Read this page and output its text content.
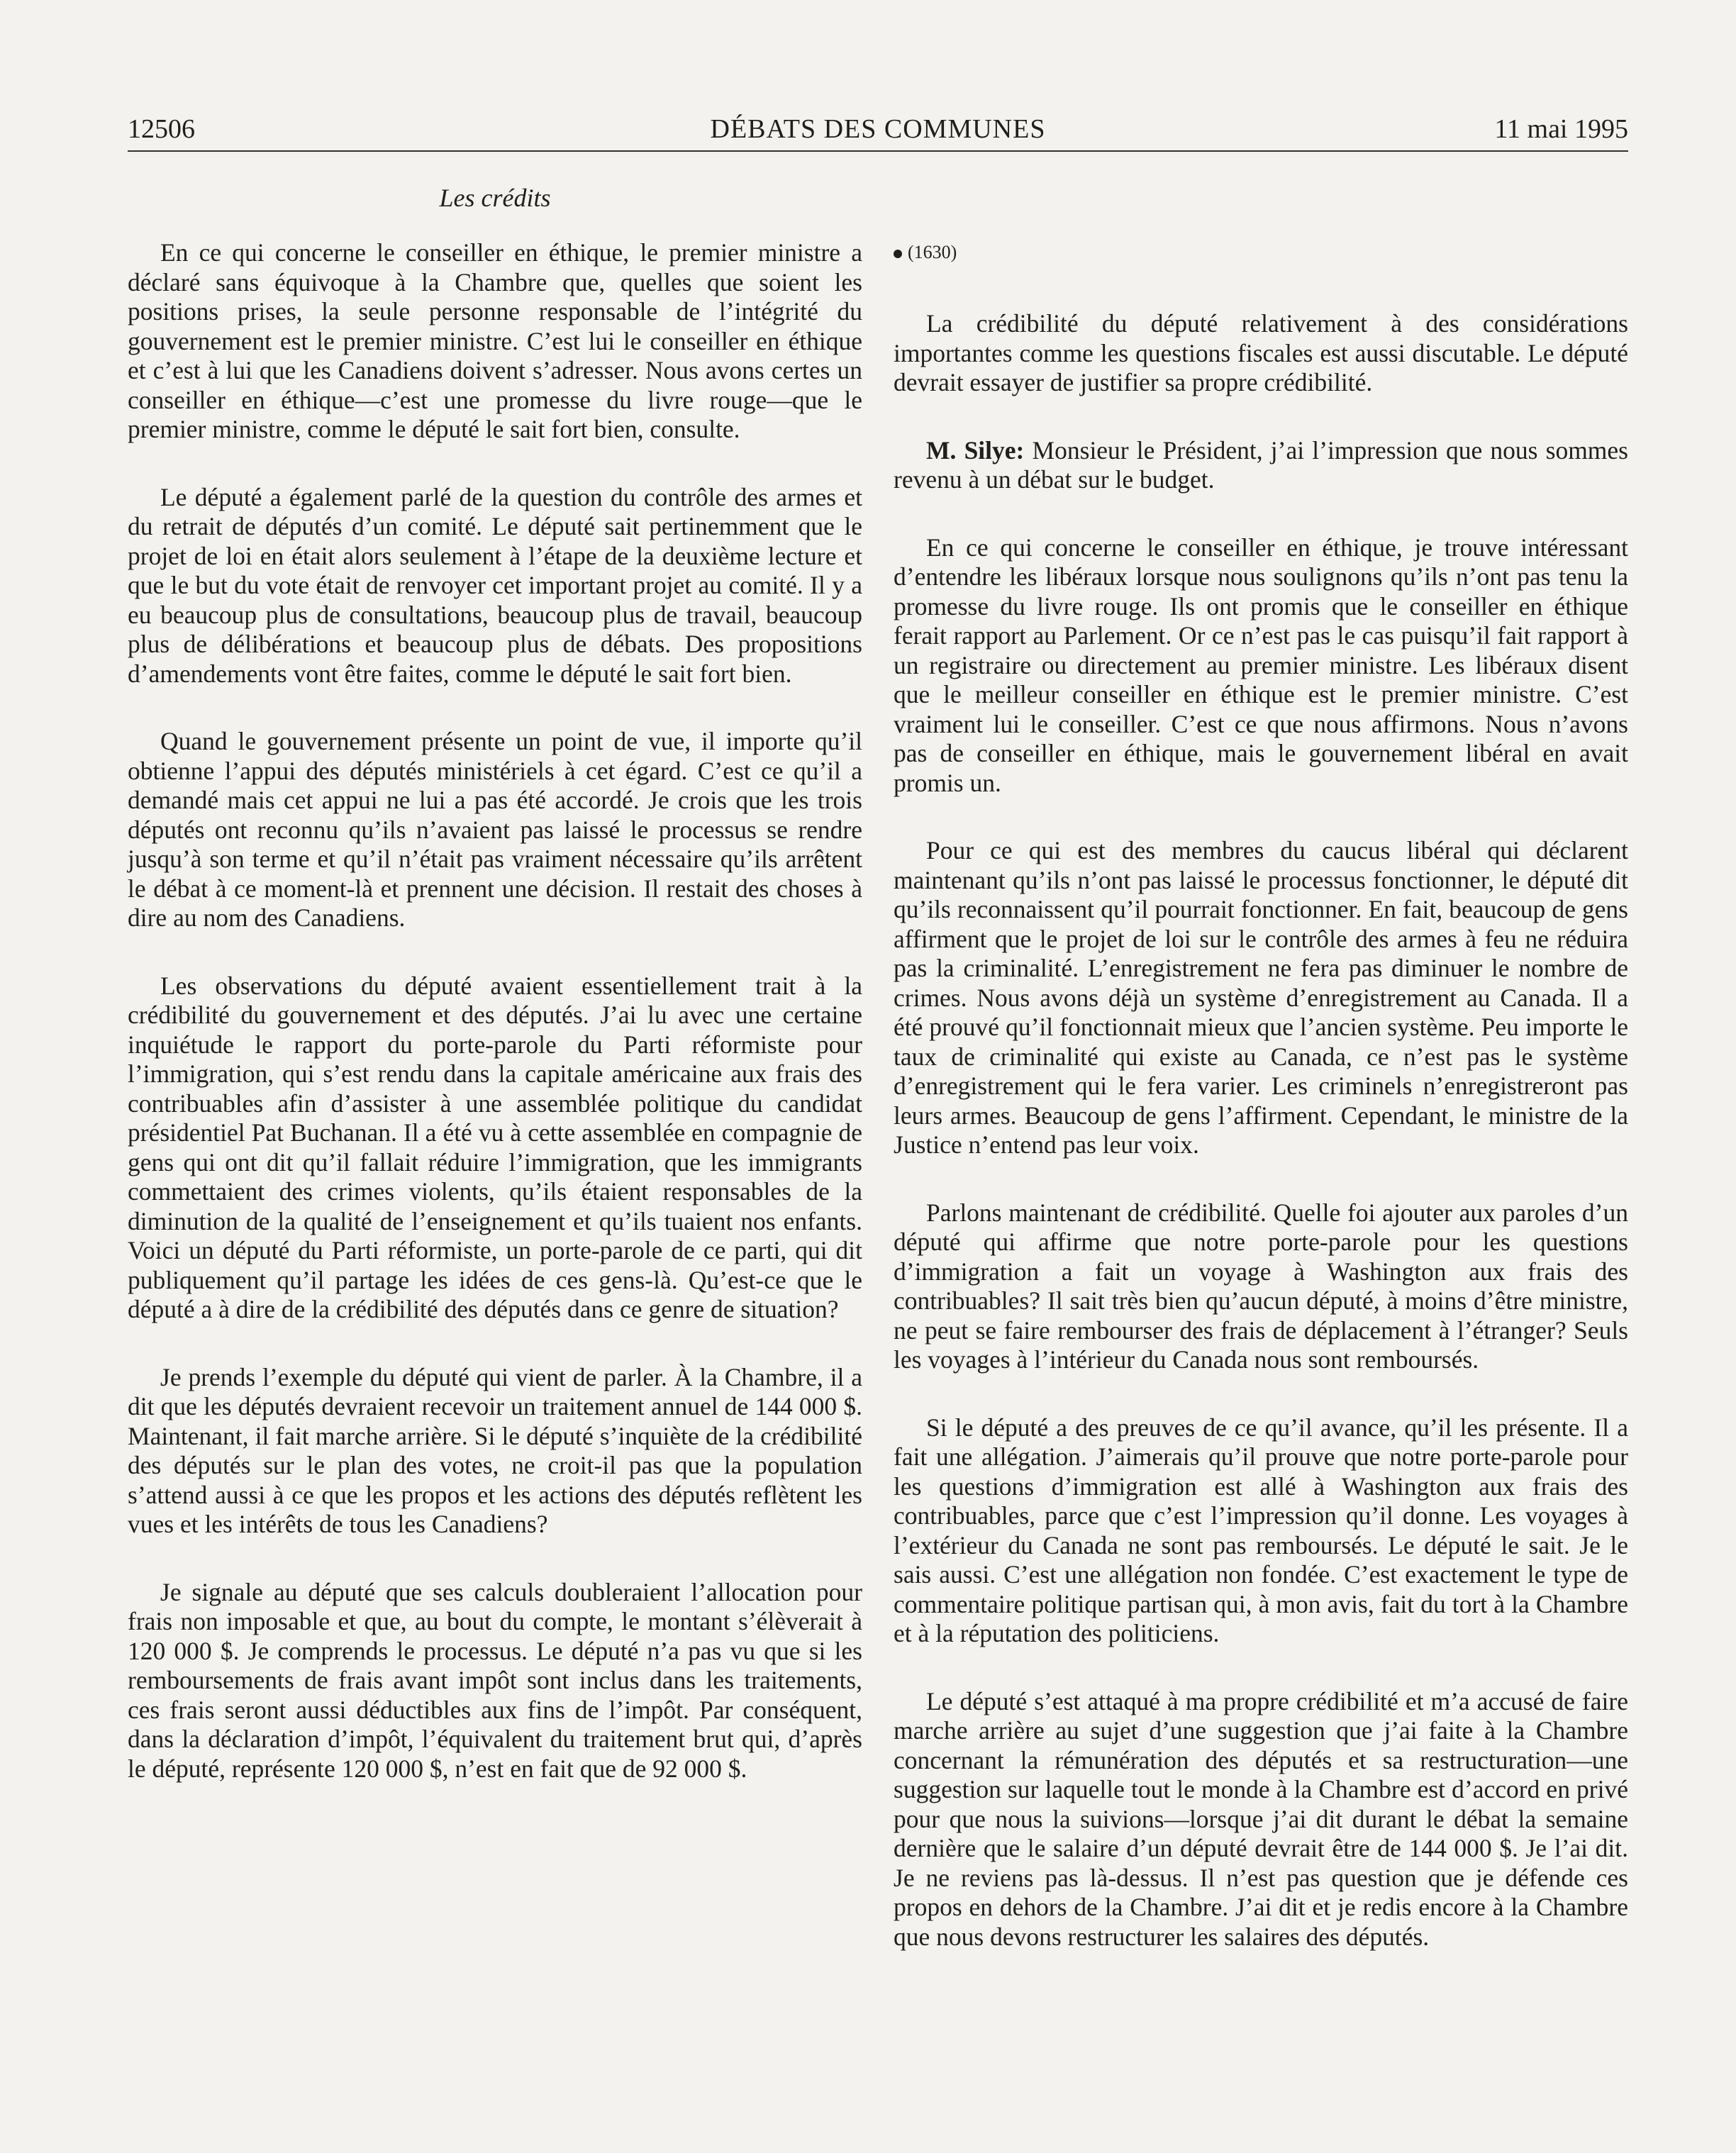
12506	DÉBATS DES COMMUNES	11 mai 1995
Les crédits

En ce qui concerne le conseiller en éthique, le premier ministre a déclaré sans équivoque à la Chambre que, quelles que soient les positions prises, la seule personne responsable de l’intégrité du gouvernement est le premier ministre. C’est lui le conseiller en éthique et c’est à lui que les Canadiens doivent s’adresser. Nous avons certes un conseiller en éthique—c’est une promesse du livre rouge—que le premier ministre, comme le député le sait fort bien, consulte.

Le député a également parlé de la question du contrôle des armes et du retrait de députés d’un comité. Le député sait pertinemment que le projet de loi en était alors seulement à l’étape de la deuxième lecture et que le but du vote était de renvoyer cet important projet au comité. Il y a eu beaucoup plus de consultations, beaucoup plus de travail, beaucoup plus de délibérations et beaucoup plus de débats. Des propositions d’amendements vont être faites, comme le député le sait fort bien.

Quand le gouvernement présente un point de vue, il importe qu’il obtienne l’appui des députés ministériels à cet égard. C’est ce qu’il a demandé mais cet appui ne lui a pas été accordé. Je crois que les trois députés ont reconnu qu’ils n’avaient pas laissé le processus se rendre jusqu’à son terme et qu’il n’était pas vraiment nécessaire qu’ils arrêtent le débat à ce moment-là et prennent une décision. Il restait des choses à dire au nom des Canadiens.

Les observations du député avaient essentiellement trait à la crédibilité du gouvernement et des députés. J’ai lu avec une certaine inquiétude le rapport du porte-parole du Parti réformiste pour l’immigration, qui s’est rendu dans la capitale américaine aux frais des contribuables afin d’assister à une assemblée politique du candidat présidentiel Pat Buchanan. Il a été vu à cette assemblée en compagnie de gens qui ont dit qu’il fallait réduire l’immigration, que les immigrants commettaient des crimes violents, qu’ils étaient responsables de la diminution de la qualité de l’enseignement et qu’ils tuaient nos enfants. Voici un député du Parti réformiste, un porte-parole de ce parti, qui dit publiquement qu’il partage les idées de ces gens-là. Qu’est-ce que le député a à dire de la crédibilité des députés dans ce genre de situation?

Je prends l’exemple du député qui vient de parler. À la Chambre, il a dit que les députés devraient recevoir un traitement annuel de 144 000 $. Maintenant, il fait marche arrière. Si le député s’inquiète de la crédibilité des députés sur le plan des votes, ne croit-il pas que la population s’attend aussi à ce que les propos et les actions des députés reflètent les vues et les intérêts de tous les Canadiens?

Je signale au député que ses calculs doubleraient l’allocation pour frais non imposable et que, au bout du compte, le montant s’élèverait à 120 000 $. Je comprends le processus. Le député n’a pas vu que si les remboursements de frais avant impôt sont inclus dans les traitements, ces frais seront aussi déductibles aux fins de l’impôt. Par conséquent, dans la déclaration d’impôt, l’équivalent du traitement brut qui, d’après le député, représente 120 000 $, n’est en fait que de 92 000 $.

(1630)

La crédibilité du député relativement à des considérations importantes comme les questions fiscales est aussi discutable. Le député devrait essayer de justifier sa propre crédibilité.

M. Silye: Monsieur le Président, j’ai l’impression que nous sommes revenu à un débat sur le budget.

En ce qui concerne le conseiller en éthique, je trouve intéressant d’entendre les libéraux lorsque nous soulignons qu’ils n’ont pas tenu la promesse du livre rouge. Ils ont promis que le conseiller en éthique ferait rapport au Parlement. Or ce n’est pas le cas puisqu’il fait rapport à un registraire ou directement au premier ministre. Les libéraux disent que le meilleur conseiller en éthique est le premier ministre. C’est vraiment lui le conseiller. C’est ce que nous affirmons. Nous n’avons pas de conseiller en éthique, mais le gouvernement libéral en avait promis un.

Pour ce qui est des membres du caucus libéral qui déclarent maintenant qu’ils n’ont pas laissé le processus fonctionner, le député dit qu’ils reconnaissent qu’il pourrait fonctionner. En fait, beaucoup de gens affirment que le projet de loi sur le contrôle des armes à feu ne réduira pas la criminalité. L’enregistrement ne fera pas diminuer le nombre de crimes. Nous avons déjà un système d’enregistrement au Canada. Il a été prouvé qu’il fonctionnait mieux que l’ancien système. Peu importe le taux de criminalité qui existe au Canada, ce n’est pas le système d’enregistrement qui le fera varier. Les criminels n’enregistreront pas leurs armes. Beaucoup de gens l’affirment. Cependant, le ministre de la Justice n’entend pas leur voix.

Parlons maintenant de crédibilité. Quelle foi ajouter aux paroles d’un député qui affirme que notre porte-parole pour les questions d’immigration a fait un voyage à Washington aux frais des contribuables? Il sait très bien qu’aucun député, à moins d’être ministre, ne peut se faire rembourser des frais de déplacement à l’étranger? Seuls les voyages à l’intérieur du Canada nous sont remboursés.

Si le député a des preuves de ce qu’il avance, qu’il les présente. Il a fait une allégation. J’aimerais qu’il prouve que notre porte-parole pour les questions d’immigration est allé à Washington aux frais des contribuables, parce que c’est l’impression qu’il donne. Les voyages à l’extérieur du Canada ne sont pas remboursés. Le député le sait. Je le sais aussi. C’est une allégation non fondée. C’est exactement le type de commentaire politique partisan qui, à mon avis, fait du tort à la Chambre et à la réputation des politiciens.

Le député s’est attaqué à ma propre crédibilité et m’a accusé de faire marche arrière au sujet d’une suggestion que j’ai faite à la Chambre concernant la rémunération des députés et sa restructuration—une suggestion sur laquelle tout le monde à la Chambre est d’accord en privé pour que nous la suivions—lorsque j’ai dit durant le débat la semaine dernière que le salaire d’un député devrait être de 144 000 $. Je l’ai dit. Je ne reviens pas là-dessus. Il n’est pas question que je défende ces propos en dehors de la Chambre. J’ai dit et je redis encore à la Chambre que nous devons restructurer les salaires des députés.
